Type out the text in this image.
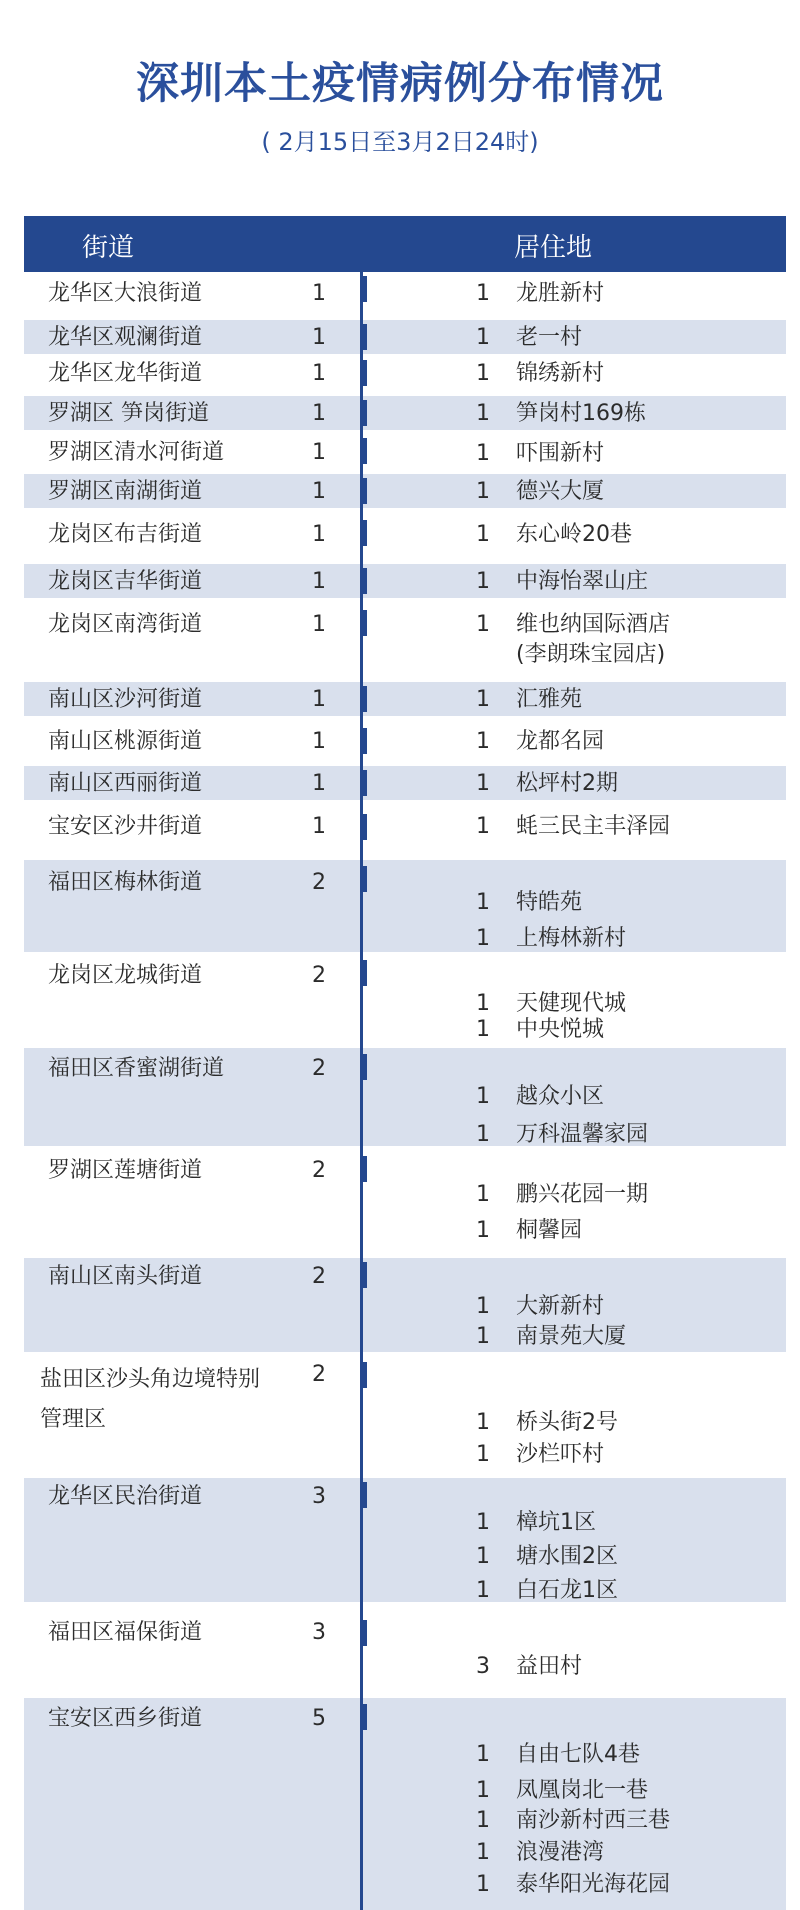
深圳本土疫情病例分布情况
( 2月15日至3月2日24时)
街道	居住地
龙华区大浪街道	1	1	龙胜新村
龙华区观澜街道	1	1	老一村
龙华区龙华街道	1	1	锦绣新村
罗湖区 笋岗街道	1	1	笋岗村169栋
罗湖区清水河街道	1	1	吓围新村
罗湖区南湖街道	1	1	德兴大厦
龙岗区布吉街道	1	1	东心岭20巷
龙岗区吉华街道	1	1	中海怡翠山庄
龙岗区南湾街道	1	1	维也纳国际酒店
(李朗珠宝园店)
南山区沙河街道	1	1	汇雅苑
南山区桃源街道	1	1	龙都名园
南山区西丽街道	1	1	松坪村2期
宝安区沙井街道	1	1	蚝三民主丰泽园
福田区梅林街道	2
1	特皓苑
1	上梅林新村
龙岗区龙城街道	2
1	天健现代城
1	中央悦城
福田区香蜜湖街道	2
1	越众小区
1	万科温馨家园
罗湖区莲塘街道	2
1	鹏兴花园一期
1	桐馨园
南山区南头街道	2
1	大新新村
1	南景苑大厦
盐田区沙头角边境特别管理区
2
1	桥头街2号
1	沙栏吓村
龙华区民治街道	3
1	樟坑1区
1	塘水围2区
1	白石龙1区
福田区福保街道	3
3	益田村
宝安区西乡街道	5
1	自由七队4巷
1	凤凰岗北一巷
1	南沙新村西三巷
1	浪漫港湾
1	泰华阳光海花园
